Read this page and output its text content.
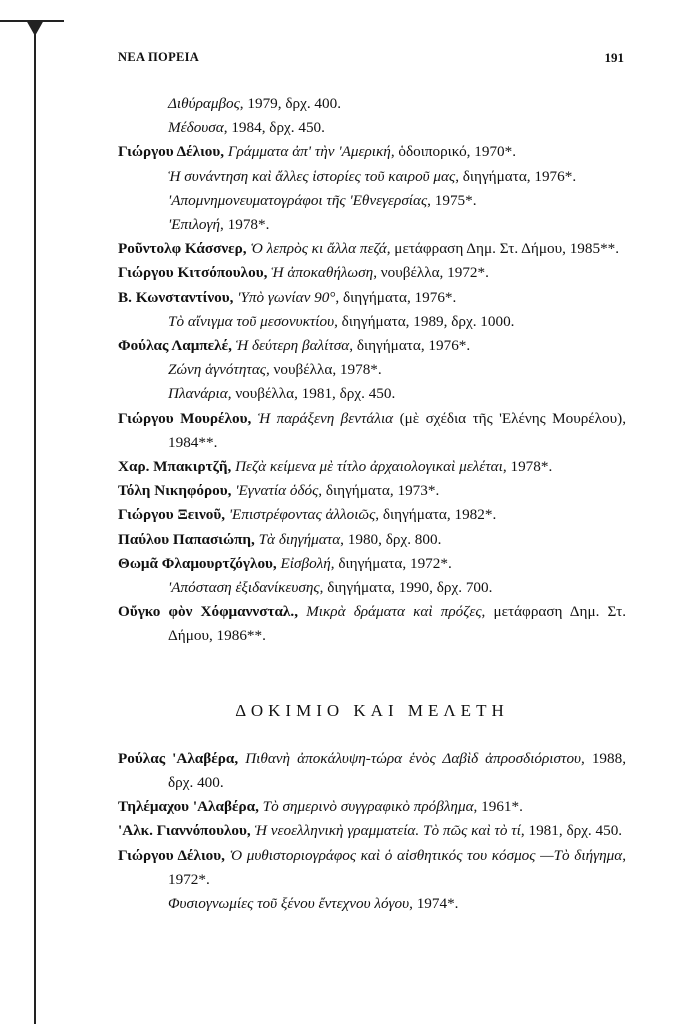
ΝΕΑ ΠΟΡΕΙΑ	191

Διθύραμβος, 1979, δρχ. 400.

Μέδουσα, 1984, δρχ. 450.

Γιώργου Δέλιου, Γράμματα ἀπ' τὴν 'Αμερική, ὁδοιπορικό, 1970*.

Ἡ συνάντηση καὶ ἄλλες ἱστορίες τοῦ καιροῦ μας, διηγήματα, 1976*.

'Απομνημονευματογράφοι τῆς 'Εθνεγερσίας, 1975*.

'Επιλογή, 1978*.

Ροῦντολφ Κάσσνερ, Ὁ λεπρὸς κι ἄλλα πεζά, μετάφραση Δημ. Στ. Δήμου, 1985**.

Γιώργου Κιτσόπουλου, Ἡ ἀποκαθήλωση, νουβέλλα, 1972*.

Β. Κωνσταντίνου, 'Υπὸ γωνίαν 90°, διηγήματα, 1976*.

Τὸ αἴνιγμα τοῦ μεσονυκτίου, διηγήματα, 1989, δρχ. 1000.

Φούλας Λαμπελέ, Ἡ δεύτερη βαλίτσα, διηγήματα, 1976*.

Ζώνη ἁγνότητας, νουβέλλα, 1978*.

Πλανάρια, νουβέλλα, 1981, δρχ. 450.

Γιώργου Μουρέλου, Ἡ παράξενη βεντάλια (μὲ σχέδια τῆς 'Ελένης Μουρέλου), 1984**.

Χαρ. Μπακιρτζῆ, Πεζὰ κείμενα μὲ τίτλο ἀρχαιολογικαὶ μελέται, 1978*.

Τόλη Νικηφόρου, 'Εγνατία ὁδός, διηγήματα, 1973*.

Γιώργου Ξεινοῦ, 'Επιστρέφοντας ἀλλοιῶς, διηγήματα, 1982*.

Παύλου Παπασιώπη, Τὰ διηγήματα, 1980, δρχ. 800.

Θωμᾶ Φλαμουρτζόγλου, Εἰσβολή, διηγήματα, 1972*.

'Απόσταση ἐξιδανίκευσης, διηγήματα, 1990, δρχ. 700.

Οὔγκο φὸν Χόφμαννσταλ., Μικρὰ δράματα καὶ πρόζες, μετάφραση Δημ. Στ. Δήμου, 1986**.

ΔΟΚΙΜΙΟ ΚΑΙ ΜΕΛΕΤΗ

Ρούλας 'Αλαβέρα, Πιθανὴ ἀποκάλυψη-τώρα ἑνὸς Δαβὶδ ἀπροσδιόριστου, 1988, δρχ. 400.

Τηλέμαχου 'Αλαβέρα, Τὸ σημερινὸ συγγραφικὸ πρόβλημα, 1961*.

'Αλκ. Γιαννόπουλου, Ἡ νεοελληνικὴ γραμματεία. Τὸ πῶς καὶ τὸ τί, 1981, δρχ. 450.

Γιώργου Δέλιου, Ὁ μυθιστοριογράφος καὶ ὁ αἰσθητικός του κόσμος —Τὸ διήγημα, 1972*.

Φυσιογνωμίες τοῦ ξένου ἔντεχνου λόγου, 1974*.
